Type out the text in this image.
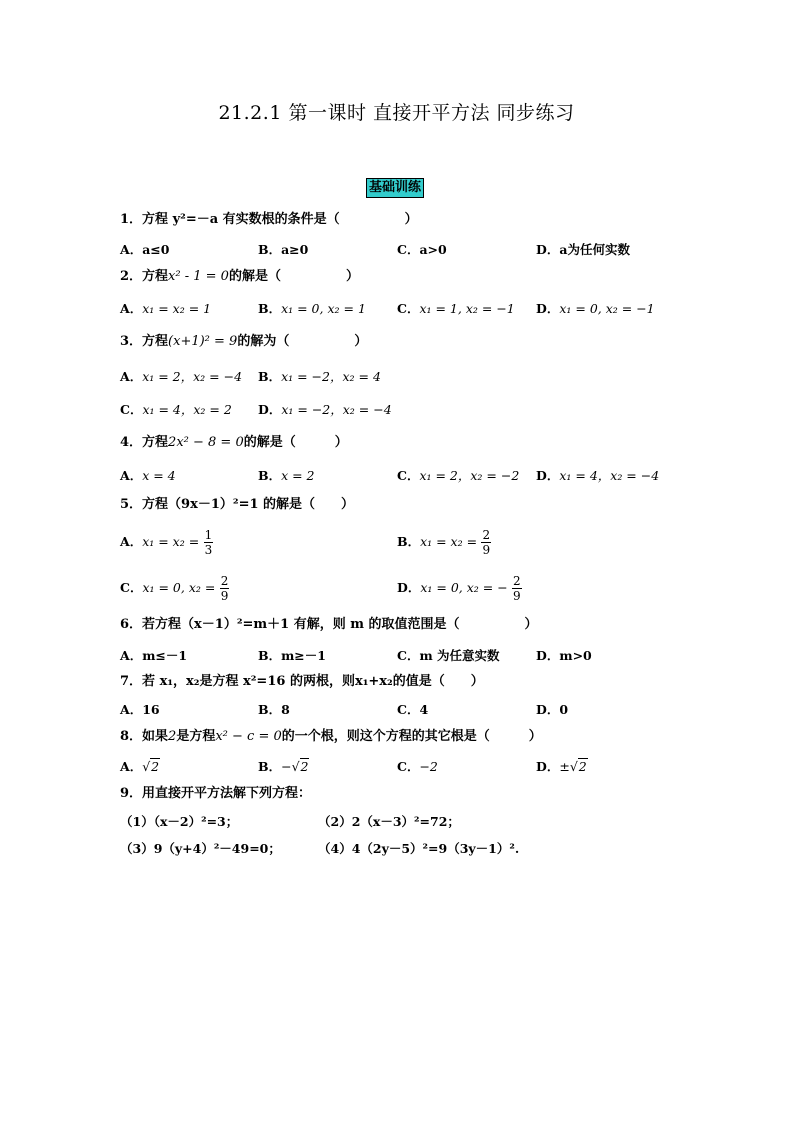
21.2.1 第一课时 直接开平方法 同步练习
基础训练
1．方程 y²=－a 有实数根的条件是（　　　　　）
A．a≤0	B．a≥0	C．a>0	D．a为任何实数
2．方程x² - 1 = 0的解是（　　　　　）
A．x₁ = x₂ = 1	B．x₁ = 0, x₂ = 1 C．x₁ = 1, x₂ = −1 D．x₁ = 0, x₂ = −1
3．方程(x+1)² = 9的解为（　　　　　）
A．x₁ = 2，x₂ = −4 B．x₁ = −2，x₂ = 4
C．x₁ = 4，x₂ = 2 D．x₁ = −2，x₂ = −4
4．方程2x² − 8 = 0的解是（　　　）
A．x = 4	B．x = 2	C．x₁ = 2，x₂ = −2 D．x₁ = 4，x₂ = −4
5．方程（9x－1）²=1 的解是（　　）
A．$x_1 = x_2 = \frac{1}{3}$	B．$x_1 = x_2 = \frac{2}{9}$
C．x₁ = 0, $x_2 = \frac{2}{9}$	D．x₁ = 0, x₂ = − $\frac{2}{9}$
6．若方程（x－1）²=m＋1 有解，则 m 的取值范围是（　　　　　）
A．m≤－1	B．m≥－1	C．m 为任意实数	D．m>0
7．若 x₁，x₂是方程 x²=16 的两根，则x₁+x₂的值是（　　）
A．16	B．8	C．4	D．0
8．如果2是方程x² − c = 0的一个根，则这个方程的其它根是（　　　）
A．√2	B．−√2	C．−2	D．±√2
9．用直接开平方法解下列方程：
（1）（x－2）²=3；	（2）2（x－3）²=72；
（3）9（y+4）²－49=0；	（4）4（2y－5）²=9（3y－1）².
